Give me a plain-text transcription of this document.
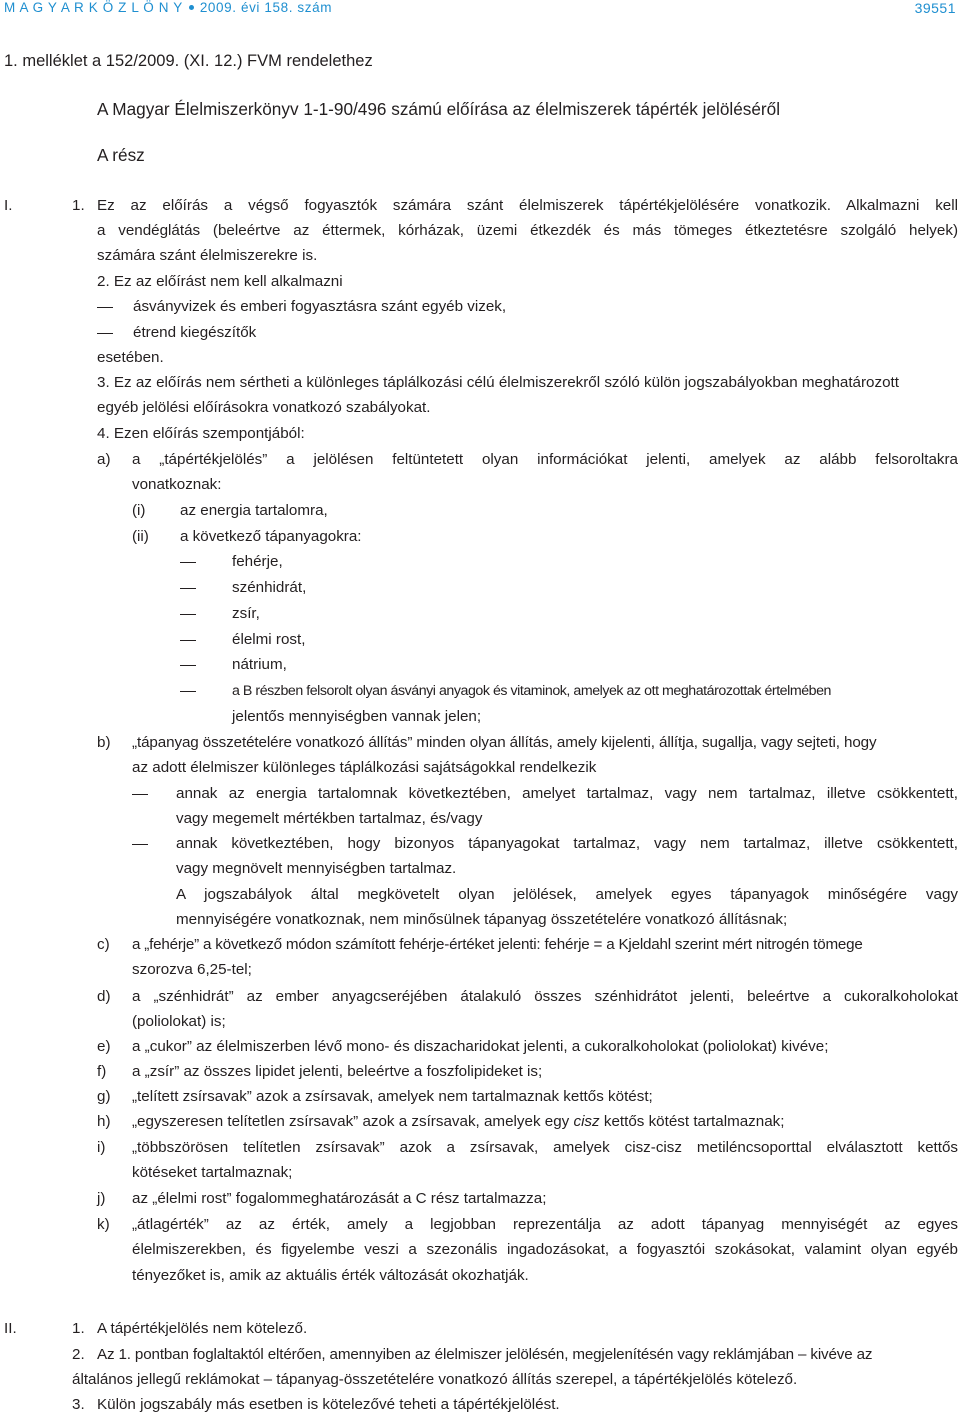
M A G Y A R K Ö Z L Ö N Y 2009. évi 158. szám	39551
1. melléklet a 152/2009. (XI. 12.) FVM rendelethez
A Magyar Élelmiszerkönyv 1-1-90/496 számú előírása az élelmiszerek tápérték jelöléséről
A rész
I.	1. Ez az előírás a végső fogyasztók számára szánt élelmiszerek tápértékjelölésére vonatkozik. Alkalmazni kell
a vendéglátás (beleértve az éttermek, kórházak, üzemi étkezdék és más tömeges étkeztetésre szolgáló helyek)
számára szánt élelmiszerekre is.
2. Ez az előírást nem kell alkalmazni
ásványvizek és emberi fogyasztásra szánt egyéb vizek,
étrend kiegészítők
esetében.
3. Ez az előírás nem sértheti a különleges táplálkozási célú élelmiszerekről szóló külön jogszabályokban meghatározott
egyéb jelölési előírásokra vonatkozó szabályokat.
4. Ezen előírás szempontjából:
a) a „tápértékjelölés” a jelölésen feltüntetett olyan információkat jelenti, amelyek az alább felsoroltakra
vonatkoznak:
(i) az energia tartalomra,
(ii) a következő tápanyagokra:
fehérje,
szénhidrát,
zsír,
élelmi rost,
nátrium,
a B részben felsorolt olyan ásványi anyagok és vitaminok, amelyek az ott meghatározottak értelmében
jelentős mennyiségben vannak jelen;
b) „tápanyag összetételére vonatkozó állítás” minden olyan állítás, amely kijelenti, állítja, sugallja, vagy sejteti, hogy
az adott élelmiszer különleges táplálkozási sajátságokkal rendelkezik
annak az energia tartalomnak következtében, amelyet tartalmaz, vagy nem tartalmaz, illetve csökkentett,
vagy megemelt mértékben tartalmaz, és/vagy
annak következtében, hogy bizonyos tápanyagokat tartalmaz, vagy nem tartalmaz, illetve csökkentett,
vagy megnövelt mennyiségben tartalmaz.
A jogszabályok által megkövetelt olyan jelölések, amelyek egyes tápanyagok minőségére vagy
mennyiségére vonatkoznak, nem minősülnek tápanyag összetételére vonatkozó állításnak;
c) a „fehérje” a következő módon számított fehérje-értéket jelenti: fehérje = a Kjeldahl szerint mért nitrogén tömege
szorozva 6,25-tel;
d) a „szénhidrát” az ember anyagcseréjében átalakuló összes szénhidrátot jelenti, beleértve a cukoralkoholokat
(poliolokat) is;
e) a „cukor” az élelmiszerben lévő mono- és diszacharidokat jelenti, a cukoralkoholokat (poliolokat) kivéve;
f) a „zsír” az összes lipidet jelenti, beleértve a foszfolipideket is;
g) „telített zsírsavak” azok a zsírsavak, amelyek nem tartalmaznak kettős kötést;
h) „egyszeresen telítetlen zsírsavak” azok a zsírsavak, amelyek egy cisz kettős kötést tartalmaznak;
i) „többszörösen telítetlen zsírsavak” azok a zsírsavak, amelyek cisz-cisz metiléncsoporttal elválasztott kettős
kötéseket tartalmaznak;
j) az „élelmi rost” fogalommeghatározását a C rész tartalmazza;
k) „átlagérték” az az érték, amely a legjobban reprezentálja az adott tápanyag mennyiségét az egyes
élelmiszerekben, és figyelembe veszi a szezonális ingadozásokat, a fogyasztói szokásokat, valamint olyan egyéb
tényezőket is, amik az aktuális érték változását okozhatják.
II.	1. A tápértékjelölés nem kötelező.
2. Az 1. pontban foglaltaktól eltérően, amennyiben az élelmiszer jelölésén, megjelenítésén vagy reklámjában – kivéve az
általános jellegű reklámokat – tápanyag-összetételére vonatkozó állítás szerepel, a tápértékjelölés kötelező.
3. Külön jogszabály más esetben is kötelezővé teheti a tápértékjelölést.
